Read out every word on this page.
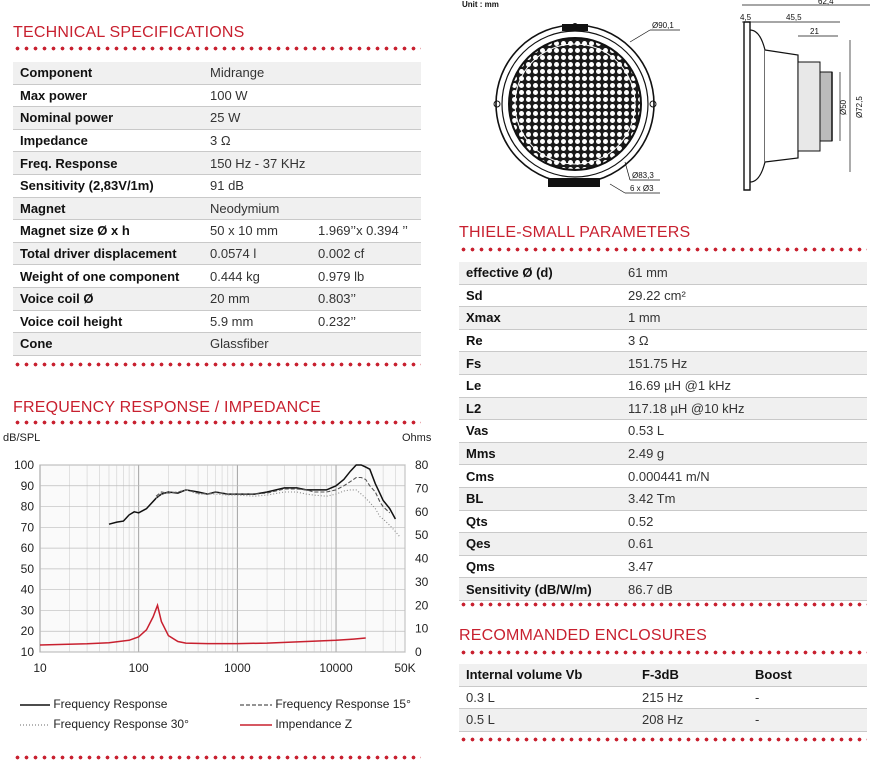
TECHNICAL SPECIFICATIONS
Component	Midrange	
Max power	100 W	
Nominal power	25 W	
Impedance	3 Ω	
Freq. Response	150 Hz - 37 KHz	
Sensitivity (2,83V/1m)	91 dB	
Magnet	Neodymium	
Magnet size Ø x h	50 x 10 mm	1.969’’x 0.394 ’’
Total driver displacement	0.0574 l	0.002 cf
Weight of one component	0.444 kg	0.979 lb
Voice coil Ø	20 mm	0.803’’
Voice coil height	5.9 mm	0.232’’
Cone	Glassfiber	
FREQUENCY RESPONSE / IMPEDANCE
dB/SPL	Ohms
100
90
80
70
60
50
40
30
20
10
80
70
60
50
40
30
20
10
0
10	100	1000	10000	50K
Frequency Response	Frequency Response 15°
Frequency Response 30°	Impendance Z
Unit : mm
Ø90,1
Ø83,3
6 x Ø3
62,4
4,5	45,5
21
Ø50 Ø72,5
THIELE-SMALL PARAMETERS
effective Ø (d)	61 mm
Sd	29.22 cm²
Xmax	1 mm
Re	3 Ω
Fs	151.75 Hz
Le	16.69 µH @1 kHz
L2	117.18 µH @10 kHz
Vas	0.53 L
Mms	2.49 g
Cms	0.000441 m/N
BL	3.42 Tm
Qts	0.52
Qes	0.61
Qms	3.47
Sensitivity (dB/W/m)	86.7 dB
RECOMMANDED ENCLOSURES
Internal volume Vb	F-3dB	Boost
0.3 L	215 Hz	-
0.5 L	208 Hz	-
